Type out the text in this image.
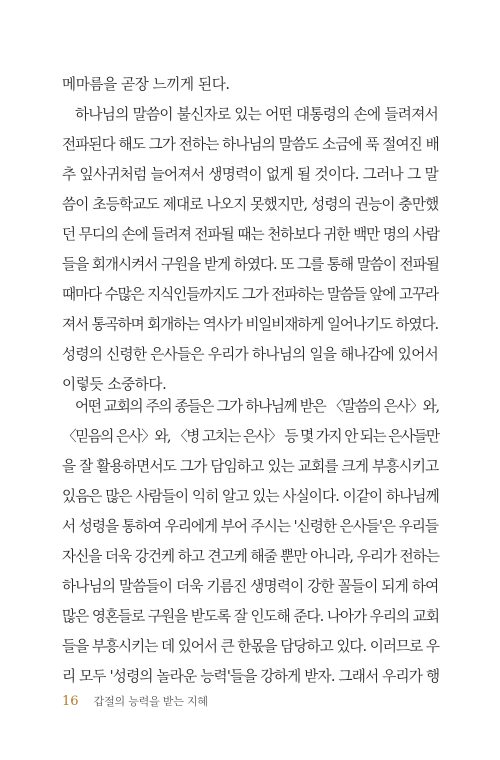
메마름을 곧장 느끼게 된다.
하나님의 말씀이 불신자로 있는 어떤 대통령의 손에 들려져서
전파된다 해도 그가 전하는 하나님의 말씀도 소금에 푹 절여진 배
추 잎사귀처럼 늘어져서 생명력이 없게 될 것이다. 그러나 그 말
씀이 초등학교도 제대로 나오지 못했지만, 성령의 권능이 충만했
던 무디의 손에 들려져 전파될 때는 천하보다 귀한 백만 명의 사람
들을 회개시켜서 구원을 받게 하였다. 또 그를 통해 말씀이 전파될
때마다 수많은 지식인들까지도 그가 전파하는 말씀들 앞에 고꾸라
져서 통곡하며 회개하는 역사가 비일비재하게 일어나기도 하였다.
성령의 신령한 은사들은 우리가 하나님의 일을 해나감에 있어서
이렇듯 소중하다.
어떤 교회의 주의 종들은 그가 하나님께 받은 〈말씀의 은사〉와,
〈믿음의 은사〉와, 〈병 고치는 은사〉 등 몇 가지 안 되는 은사들만
을 잘 활용하면서도 그가 담임하고 있는 교회를 크게 부흥시키고
있음은 많은 사람들이 익히 알고 있는 사실이다. 이같이 하나님께
서 성령을 통하여 우리에게 부어 주시는 '신령한 은사들'은 우리들
자신을 더욱 강건케 하고 견고케 해줄 뿐만 아니라, 우리가 전하는
하나님의 말씀들이 더욱 기름진 생명력이 강한 꼴들이 되게 하여
많은 영혼들로 구원을 받도록 잘 인도해 준다. 나아가 우리의 교회
들을 부흥시키는 데 있어서 큰 한몫을 담당하고 있다. 이러므로 우
리 모두 '성령의 놀라운 능력'들을 강하게 받자. 그래서 우리가 행
16 갑절의 능력을 받는 지혜
